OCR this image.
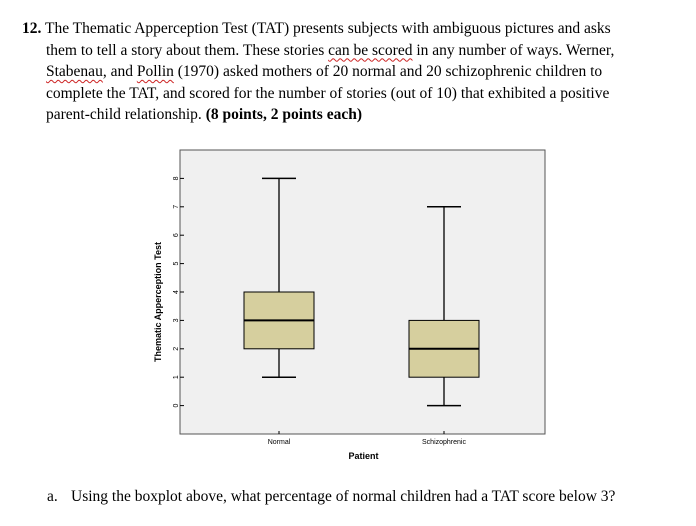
12. The Thematic Apperception Test (TAT) presents subjects with ambiguous pictures and asks
them to tell a story about them. These stories can be scored in any number of ways. Werner,
Stabenau, and Pollin (1970) asked mothers of 20 normal and 20 schizophrenic children to
complete the TAT, and scored for the number of stories (out of 10) that exhibited a positive
parent-child relationship. (8 points, 2 points each)
0
1
2
3
4
5
6
7
8
Normal	Schizophrenic
Patient
Thematic Apperception Test
a. Using the boxplot above, what percentage of normal children had a TAT score below 3?
